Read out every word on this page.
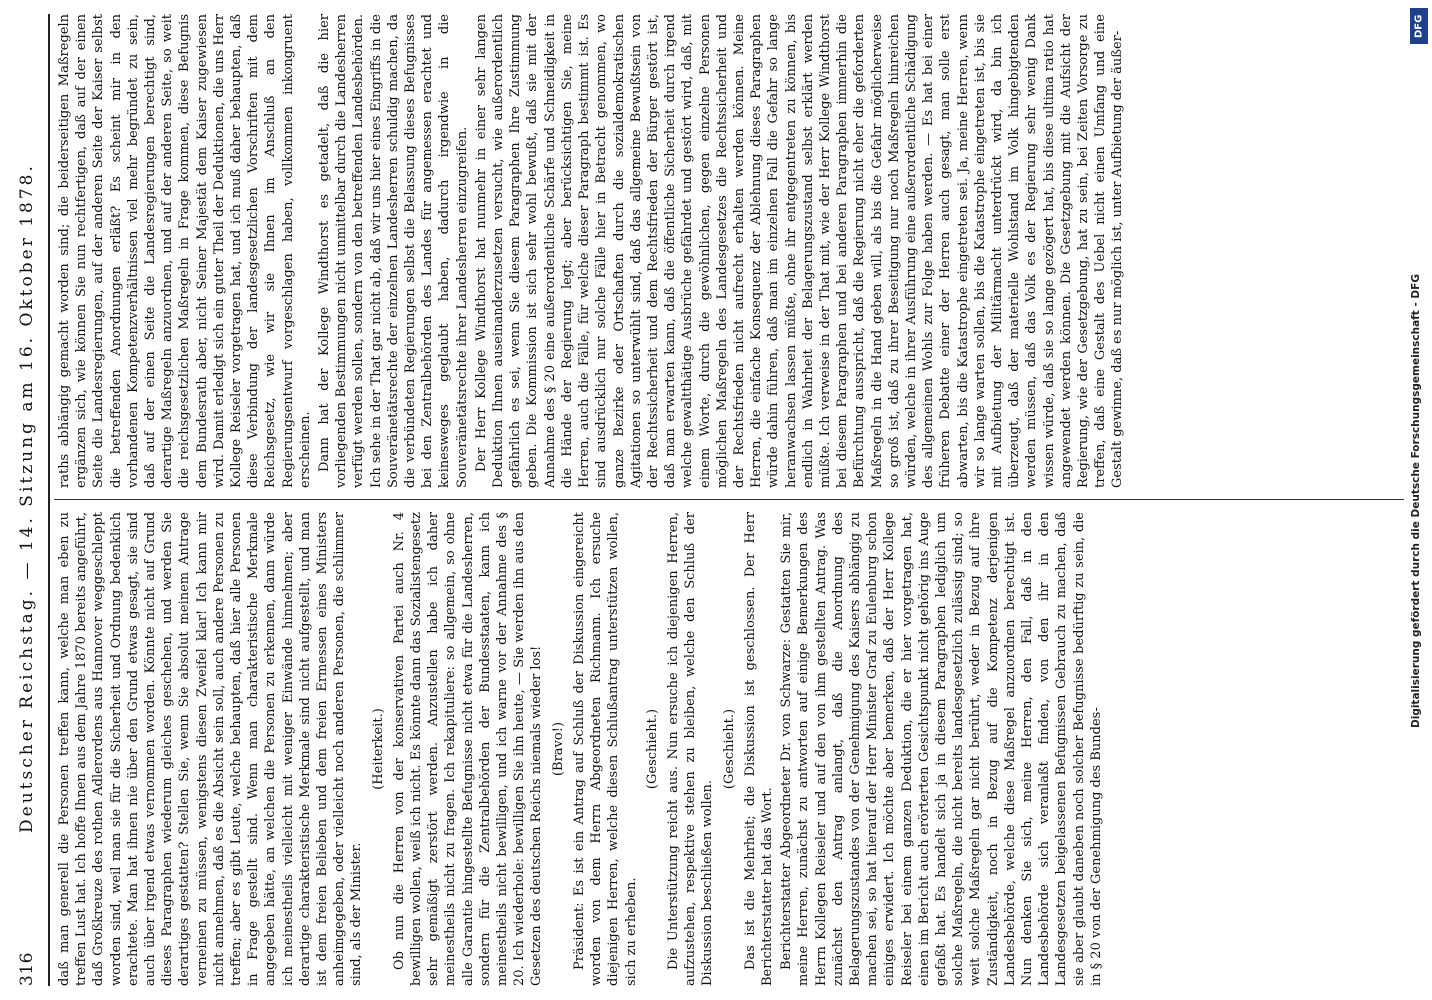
316
Deutscher Reichstag. — 14. Sitzung am 16. Oktober 1878. daß man generell die Personen treffen kann, welche man eben zu treffen Lust hat. Ich hoffe Ihnen aus dem Jahre 1870 bereits angeführt, daß Großkreuze des rothen Adlerordens aus Hannover weggeschleppt worden sind, weil man sie für die Sicherheit und Ordnung bedenklich erachtete. Man hat ihnen nie über den Grund etwas gesagt, sie sind auch über irgend etwas vernommen worden. Könnte nicht auf Grund dieses Paragraphen wiederum gleiches geschehen, und werden Sie derartiges gestatten? Stellen Sie, wenn Sie absolut meinem Antrage verneinen zu müssen, wenigstens diesen Zweifel klar! Ich kann mir nicht annehmen, daß es die Absicht sein soll, auch andere Personen zu treffen; aber es gibt Leute, welche behaupten, daß hier alle Personen in Frage gestellt sind. Wenn man charakteristische Merkmale angegeben hätte, an welchen die Personen zu erkennen, dann würde ich meinestheils vielleicht mit weniger Einwände hinnehmen; aber derartige charakteristische Merkmale sind nicht aufgestellt, und man ist dem freien Belieben und dem freien Ermessen eines Ministers anheimgegeben, oder vielleicht noch anderen Personen, die schlimmer sind, als der Minister.

(Heiterkeit.) Ob nun die Herren von der konservativen Partei auch Nr. 4 bewilligen wollen, weiß ich nicht. Es könnte dann das Sozialistengesetz sehr gemäßigt zerstört werden. Anzustellen habe ich daher meinestheils nicht zu fragen. Ich rekapituliere: so allgemein, so ohne alle Garantie hingestellte Befugnisse nicht etwa für die Landesherren, sondern für die Zentralbehörden der Bundesstaaten, kann ich meinestheils nicht bewilligen, und ich warne vor der Annahme des § 20. Ich wiederhole: bewilligen Sie ihn heute, — Sie werden ihn aus den Gesetzen des deutschen Reichs niemals wieder los! (Bravo!) Präsident: Es ist ein Antrag auf Schluß der Diskussion eingereicht worden von dem Herrn Abgeordneten Richmann. Ich ersuche diejenigen Herren, welche diesen Schlußantrag unterstützen wollen, sich zu erheben.

(Geschieht.) Die Unterstützung reicht aus. Nun ersuche ich diejenigen Herren, aufzustehen, respektive stehen zu bleiben, welche den Schluß der Diskussion beschließen wollen.

(Geschieht.) Das ist die Mehrheit; die Diskussion ist geschlossen. Der Herr Berichterstatter hat das Wort. Berichterstatter Abgeordneter Dr. von Schwarze: Gestatten Sie mir, meine Herren, zunächst zu antworten auf einige Bemerkungen des Herrn Kollegen Reiseler und auf den von ihm gestellten Antrag. Was zunächst den Antrag anlangt, daß die Anordnung des Belagerungszustandes von der Genehmigung des Kaisers abhängig zu machen sei, so hat hierauf der Herr Minister Graf zu Eulenburg schon einiges erwidert. Ich möchte aber bemerken, daß der Herr Kollege Reiseler bei einem ganzen Deduktion, die er hier vorgetragen hat, einen im Bericht auch erörterten Gesichtspunkt nicht gehörig ins Auge gefaßt hat. Es handelt sich ja in diesem Paragraphen lediglich um solche Maßregeln, die nicht bereits landesgesetzlich zulässig sind; so weit solche Maßregeln gar nicht berührt, weder in Bezug auf ihre Zuständigkeit, noch in Bezug auf die Kompetenz derjenigen Landesbehörde, welche diese Maßregel anzuordnen berechtigt ist. Nun denken Sie sich, meine Herren, den Fall, daß in den Landesbehörde sich veranlaßt finden, von den ihr in den Landesgesetzen beigelassenen Befugnissen Gebrauch zu machen, daß sie aber glaubt daneben noch solcher Befugnisse bedürftig zu sein, die in § 20 von der Genehmigung des Bundes-

raths abhängig gemacht worden sind; die beiderseitigen Maßregeln ergänzen sich, wie können Sie nun rechtfertigen, daß auf der einen Seite die Landesregierungen, auf der anderen Seite der Kaiser selbst die betreffenden Anordnungen erläßt? Es scheint mir in den vorhandenen Kompetenzverhältnissen viel mehr begründet zu sein, daß auf der einen Seite die Landesregierungen berechtigt sind, derartige Maßregeln anzuordnen, und auf der anderen Seite, so weit die reichsgesetzlichen Maßregeln in Frage kommen, diese Befugnis dem Bundesrath aber, nicht Seiner Majestät dem Kaiser zugewiesen wird. Damit erledigt sich ein guter Theil der Deduktionen, die uns Herr Kollege Reiseler vorgetragen hat, und ich muß daher behaupten, daß diese Verbindung der landesgesetzlichen Vorschriften mit dem Reichsgesetz, wie wir sie Ihnen im Anschluß an den Regierungsentwurf vorgeschlagen haben, vollkommen inkongruent erscheinen. Dann hat der Kollege Windthorst es getadelt, daß die hier vorliegenden Bestimmungen nicht unmittelbar durch die Landesherren verfügt werden sollen, sondern von den betreffenden Landesbehörden. Ich sehe in der That gar nicht ab, daß wir uns hier eines Eingriffs in die Souveränetätsrechte der einzelnen Landesherren schuldig machen, da die verbündeten Regierungen selbst die Belassung dieses Befugnisses bei den Zentralbehörden des Landes für angemessen erachtet und keinesweges geglaubt haben, dadurch irgendwie in die Souveränetätsrechte ihrer Landesherren einzugreifen. Der Herr Kollege Windthorst hat nunmehr in einer sehr langen Deduktion Ihnen auseinanderzusetzen versucht, wie außerordentlich gefährlich es sei, wenn Sie diesem Paragraphen Ihre Zustimmung geben. Die Kommission ist sich sehr wohl bewußt, daß sie mit der Annahme des § 20 eine außerordentliche Schärfe und Schneidigkeit in die Hände der Regierung legt; aber berücksichtigen Sie, meine Herren, auch die Fälle, für welche dieser Paragraph bestimmt ist. Es sind ausdrücklich nur solche Fälle hier in Betracht genommen, wo ganze Bezirke oder Ortschaften durch die sozialdemokratischen Agitationen so unterwühlt sind, daß das allgemeine Bewußtsein von der Rechtssicherheit und dem Rechtsfrieden der Bürger gestört ist, daß man erwarten kann, daß die öffentliche Sicherheit durch irgend welche gewaltthätige Ausbrüche gefährdet und gestört wird, daß, mit einem Worte, durch die gewöhnlichen, gegen einzelne Personen möglichen Maßregeln des Landesgesetzes die Rechtssicherheit und der Rechtsfrieden nicht aufrecht erhalten werden können. Meine Herren, die einfache Konsequenz der Ablehnung dieses Paragraphen würde dahin führen, daß man im einzelnen Fall die Gefahr so lange heranwachsen lassen müßte, ohne ihr entgegentreten zu können, bis endlich in Wahrheit der Belagerungszustand selbst erklärt werden müßte. Ich verweise in der That mit, wie der Herr Kollege Windthorst bei diesem Paragraphen und bei anderen Paragraphen immerhin die Befürchtung ausspricht, daß die Regierung nicht eher die geforderten Maßregeln in die Hand geben will, als bis die Gefahr möglicherweise so groß ist, daß zu ihrer Beseitigung nur noch Maßregeln hinreichen würden, welche in ihrer Ausführung eine außerordentliche Schädigung des allgemeinen Wohls zur Folge haben werden. — Es hat bei einer früheren Debatte einer der Herren auch gesagt, man solle erst abwarten, bis die Katastrophe eingetreten sei. Ja, meine Herren, wenn wir so lange warten sollen, bis die Katastrophe eingetreten ist, bis sie mit Aufbietung der Militärmacht unterdrückt wird, da bin ich überzeugt, daß der materielle Wohlstand im Volk hingebigtenden werden müssen, daß das Volk es der Regierung sehr wenig Dank wissen würde, daß sie so lange gezögert hat, bis diese ultima ratio hat angewendet werden können. Die Gesetzgebung mit die Aufsicht der Regierung, wie der Gesetzgebung, hat zu sein, bei Zeiten Vorsorge zu treffen, daß eine Gestalt des Uebel nicht einen Umfang und eine Gestalt gewinne, daß es nur möglich ist, unter Aufbietung der äußer-

DFG
Digitalisierung gefördert durch die Deutsche Forschungsgemeinschaft - DFG
